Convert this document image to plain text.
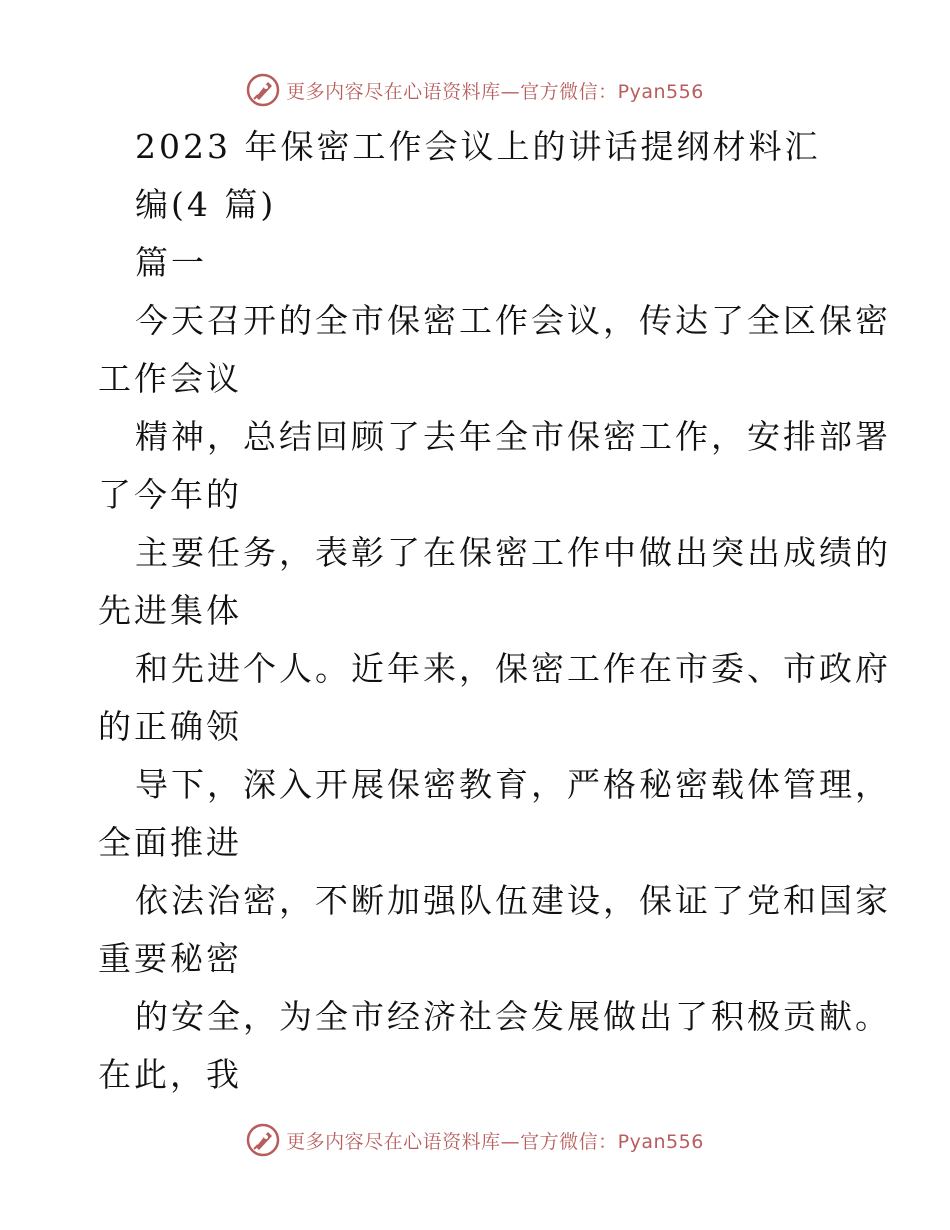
更多内容尽在心语资料库—官方微信：Pyan556
2023 年保密工作会议上的讲话提纲材料汇
编(4 篇)
篇一
今天召开的全市保密工作会议，传达了全区保密
工作会议
精神，总结回顾了去年全市保密工作，安排部署
了今年的
主要任务，表彰了在保密工作中做出突出成绩的
先进集体
和先进个人。近年来，保密工作在市委、市政府
的正确领
导下，深入开展保密教育，严格秘密载体管理，
全面推进
依法治密，不断加强队伍建设，保证了党和国家
重要秘密
的安全，为全市经济社会发展做出了积极贡献。
在此，我
更多内容尽在心语资料库—官方微信：Pyan556
